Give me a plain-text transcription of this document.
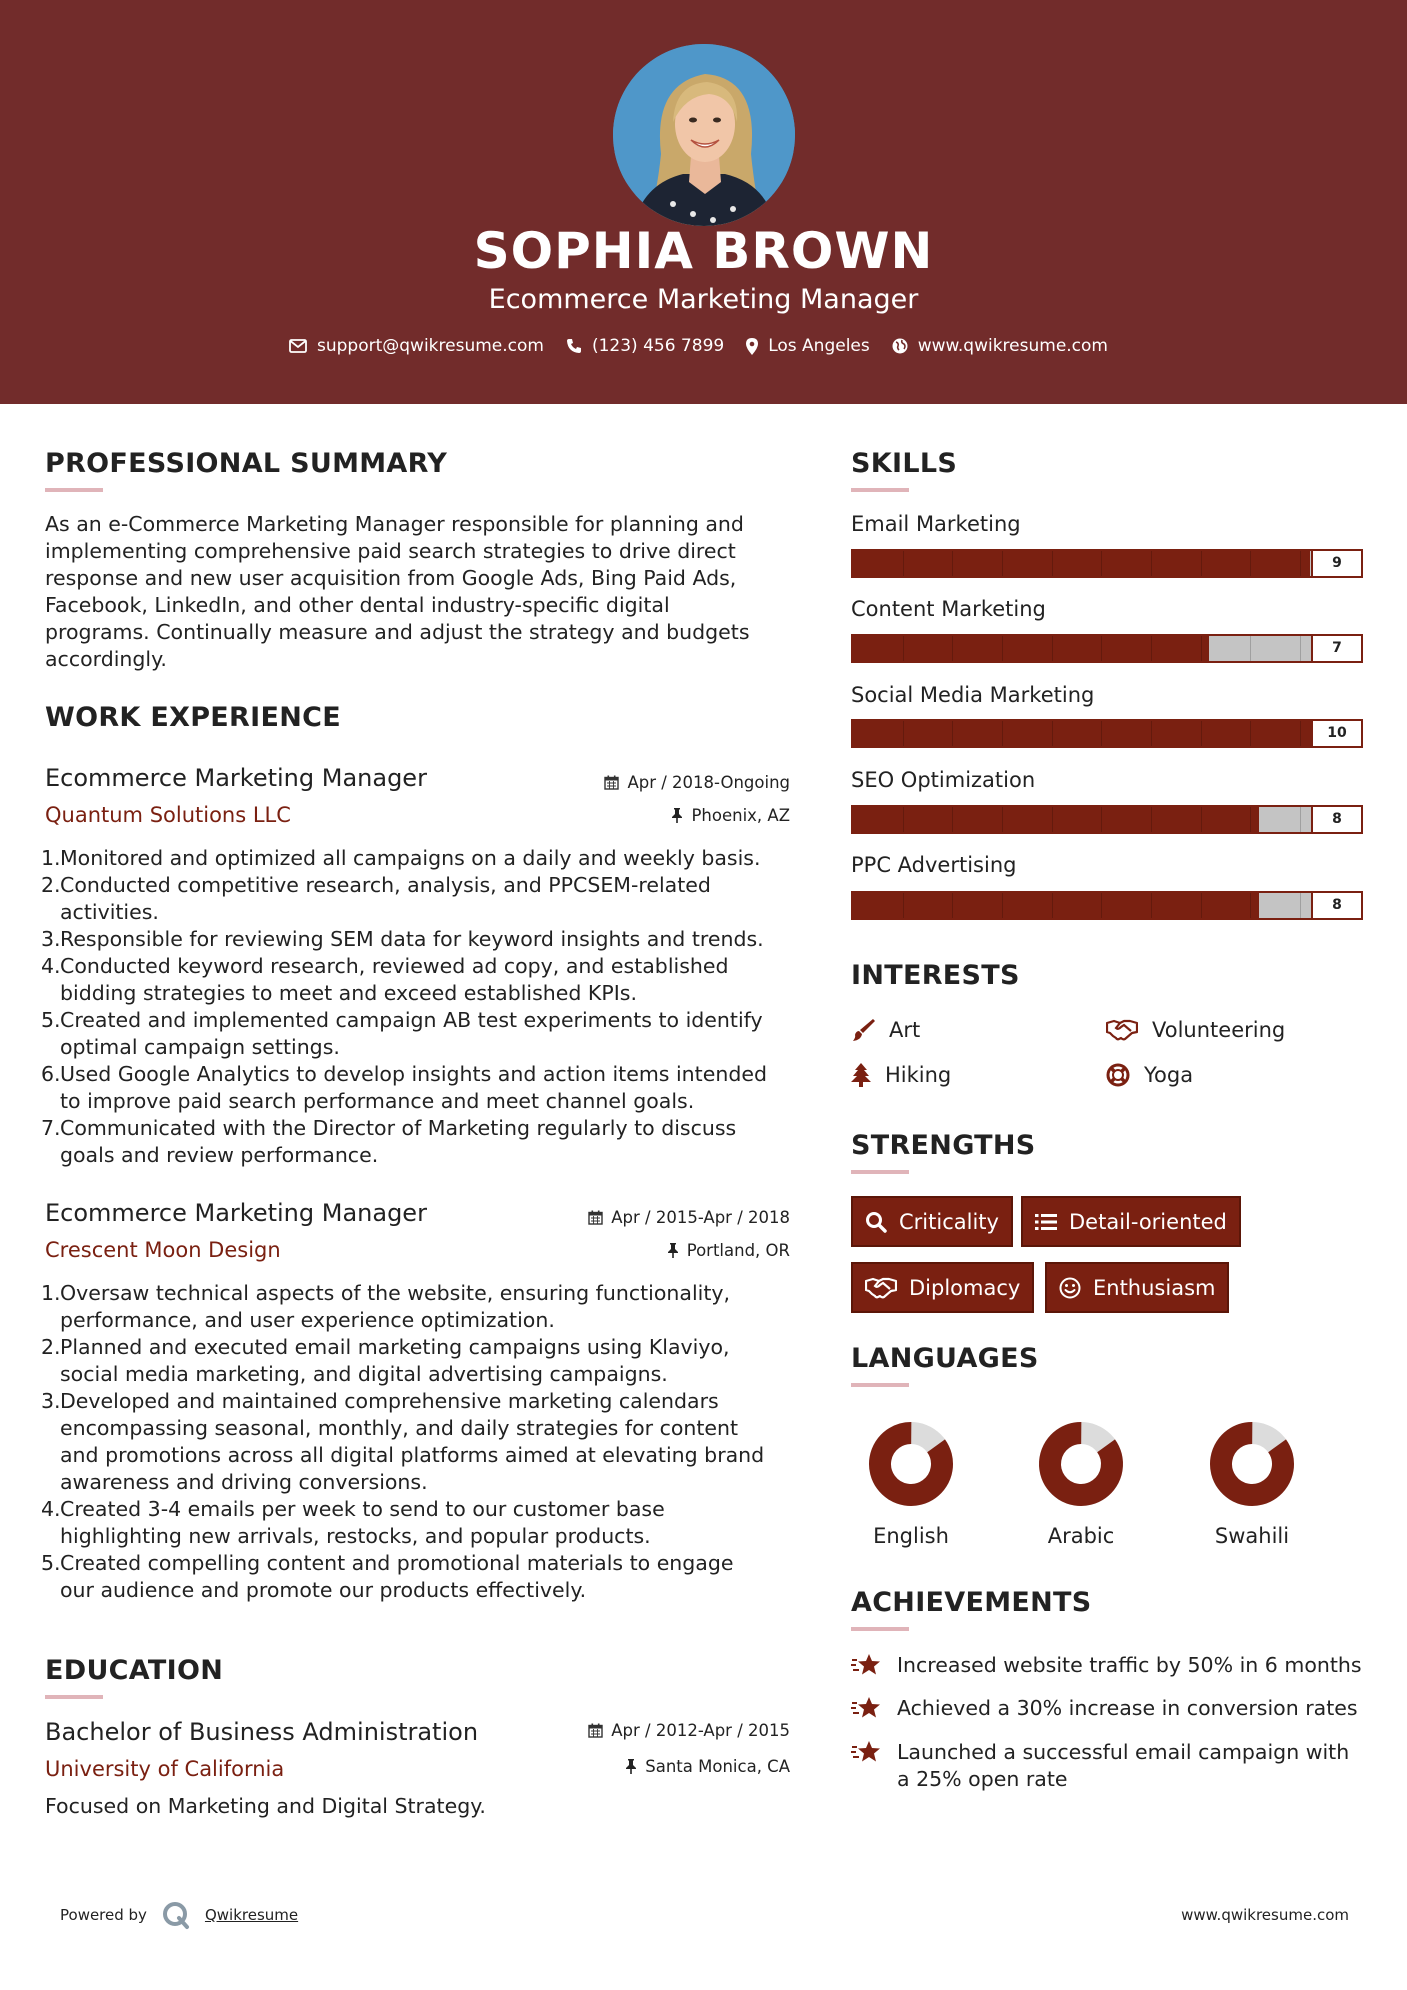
SOPHIA BROWN
Ecommerce Marketing Manager
support@qwikresume.com	(123) 456 7899	Los Angeles	www.qwikresume.com
PROFESSIONAL SUMMARY
As an e-Commerce Marketing Manager responsible for planning and
implementing comprehensive paid search strategies to drive direct
response and new user acquisition from Google Ads, Bing Paid Ads,
Facebook, LinkedIn, and other dental industry-specific digital
programs. Continually measure and adjust the strategy and budgets
accordingly.
WORK EXPERIENCE
Ecommerce Marketing Manager	Apr / 2018-Ongoing
Quantum Solutions LLC	Phoenix, AZ
1. Monitored and optimized all campaigns on a daily and weekly basis.
2. Conducted competitive research, analysis, and PPCSEM-related
activities.
3. Responsible for reviewing SEM data for keyword insights and trends.
4. Conducted keyword research, reviewed ad copy, and established
bidding strategies to meet and exceed established KPIs.
5. Created and implemented campaign AB test experiments to identify
optimal campaign settings.
6. Used Google Analytics to develop insights and action items intended
to improve paid search performance and meet channel goals.
7. Communicated with the Director of Marketing regularly to discuss
goals and review performance.
Ecommerce Marketing Manager	Apr / 2015-Apr / 2018
Crescent Moon Design	Portland, OR
1. Oversaw technical aspects of the website, ensuring functionality,
performance, and user experience optimization.
2. Planned and executed email marketing campaigns using Klaviyo,
social media marketing, and digital advertising campaigns.
3. Developed and maintained comprehensive marketing calendars
encompassing seasonal, monthly, and daily strategies for content
and promotions across all digital platforms aimed at elevating brand
awareness and driving conversions.
4. Created 3-4 emails per week to send to our customer base
highlighting new arrivals, restocks, and popular products.
5. Created compelling content and promotional materials to engage
our audience and promote our products effectively.
EDUCATION
Bachelor of Business Administration	Apr / 2012-Apr / 2015
University of California	Santa Monica, CA
Focused on Marketing and Digital Strategy.
SKILLS
Email Marketing
9
Content Marketing
7
Social Media Marketing
10
SEO Optimization
8
PPC Advertising
8
INTERESTS
Art	Volunteering
Hiking	Yoga
STRENGTHS
Criticality	Detail-oriented
Diplomacy	Enthusiasm
LANGUAGES
English	Arabic	Swahili
ACHIEVEMENTS
Increased website traffic by 50% in 6 months
Achieved a 30% increase in conversion rates
Launched a successful email campaign with
a 25% open rate
Powered by	Qwikresume	www.qwikresume.com
